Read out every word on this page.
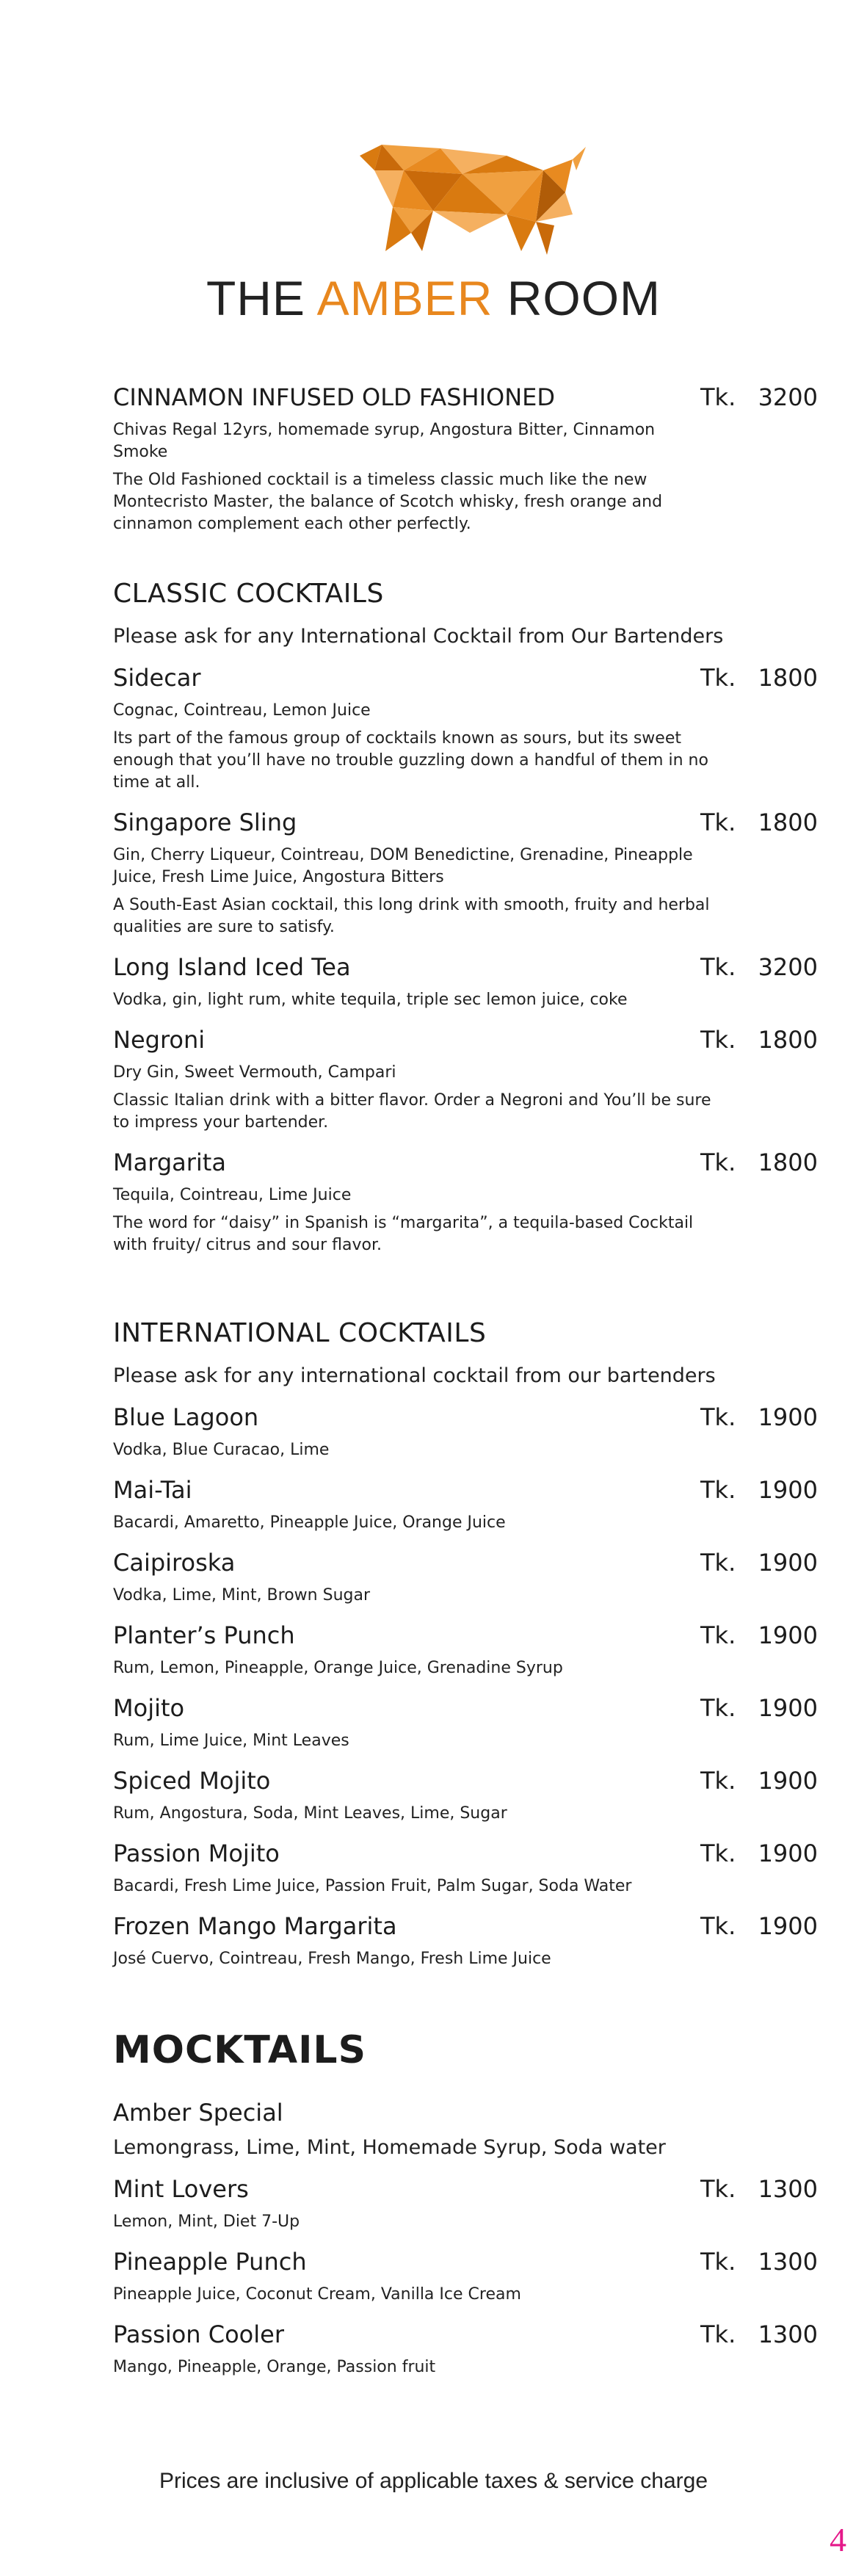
THE AMBER ROOM
CINNAMON INFUSED OLD FASHIONED	Tk. 3200
Chivas Regal 12yrs, homemade syrup, Angostura Bitter, Cinnamon Smoke
The Old Fashioned cocktail is a timeless classic much like the new Montecristo Master, the balance of Scotch whisky, fresh orange and cinnamon complement each other perfectly.
CLASSIC COCKTAILS
Please ask for any International Cocktail from Our Bartenders
Sidecar	Tk. 1800
Cognac, Cointreau, Lemon Juice
Its part of the famous group of cocktails known as sours, but its sweet enough that you’ll have no trouble guzzling down a handful of them in no time at all.
Singapore Sling	Tk. 1800
Gin, Cherry Liqueur, Cointreau, DOM Benedictine, Grenadine, Pineapple Juice, Fresh Lime Juice, Angostura Bitters
A South-East Asian cocktail, this long drink with smooth, fruity and herbal qualities are sure to satisfy.
Long Island Iced Tea	Tk. 3200
Vodka, gin, light rum, white tequila, triple sec lemon juice, coke
Negroni	Tk. 1800
Dry Gin, Sweet Vermouth, Campari
Classic Italian drink with a bitter flavor. Order a Negroni and You’ll be sure to impress your bartender.
Margarita	Tk. 1800
Tequila, Cointreau, Lime Juice
The word for “daisy” in Spanish is “margarita”, a tequila-based Cocktail with fruity/ citrus and sour flavor.
INTERNATIONAL COCKTAILS
Please ask for any international cocktail from our bartenders
Blue Lagoon	Tk. 1900
Vodka, Blue Curacao, Lime
Mai-Tai	Tk. 1900
Bacardi, Amaretto, Pineapple Juice, Orange Juice
Caipiroska	Tk. 1900
Vodka, Lime, Mint, Brown Sugar
Planter’s Punch	Tk. 1900
Rum, Lemon, Pineapple, Orange Juice, Grenadine Syrup
Mojito	Tk. 1900
Rum, Lime Juice, Mint Leaves
Spiced Mojito	Tk. 1900
Rum, Angostura, Soda, Mint Leaves, Lime, Sugar
Passion Mojito	Tk. 1900
Bacardi, Fresh Lime Juice, Passion Fruit, Palm Sugar, Soda Water
Frozen Mango Margarita	Tk. 1900
José Cuervo, Cointreau, Fresh Mango, Fresh Lime Juice
MOCKTAILS
Amber Special
Lemongrass, Lime, Mint, Homemade Syrup, Soda water
Mint Lovers	Tk. 1300
Lemon, Mint, Diet 7-Up
Pineapple Punch	Tk. 1300
Pineapple Juice, Coconut Cream, Vanilla Ice Cream
Passion Cooler	Tk. 1300
Mango, Pineapple, Orange, Passion fruit
Prices are inclusive of applicable taxes & service charge
4
